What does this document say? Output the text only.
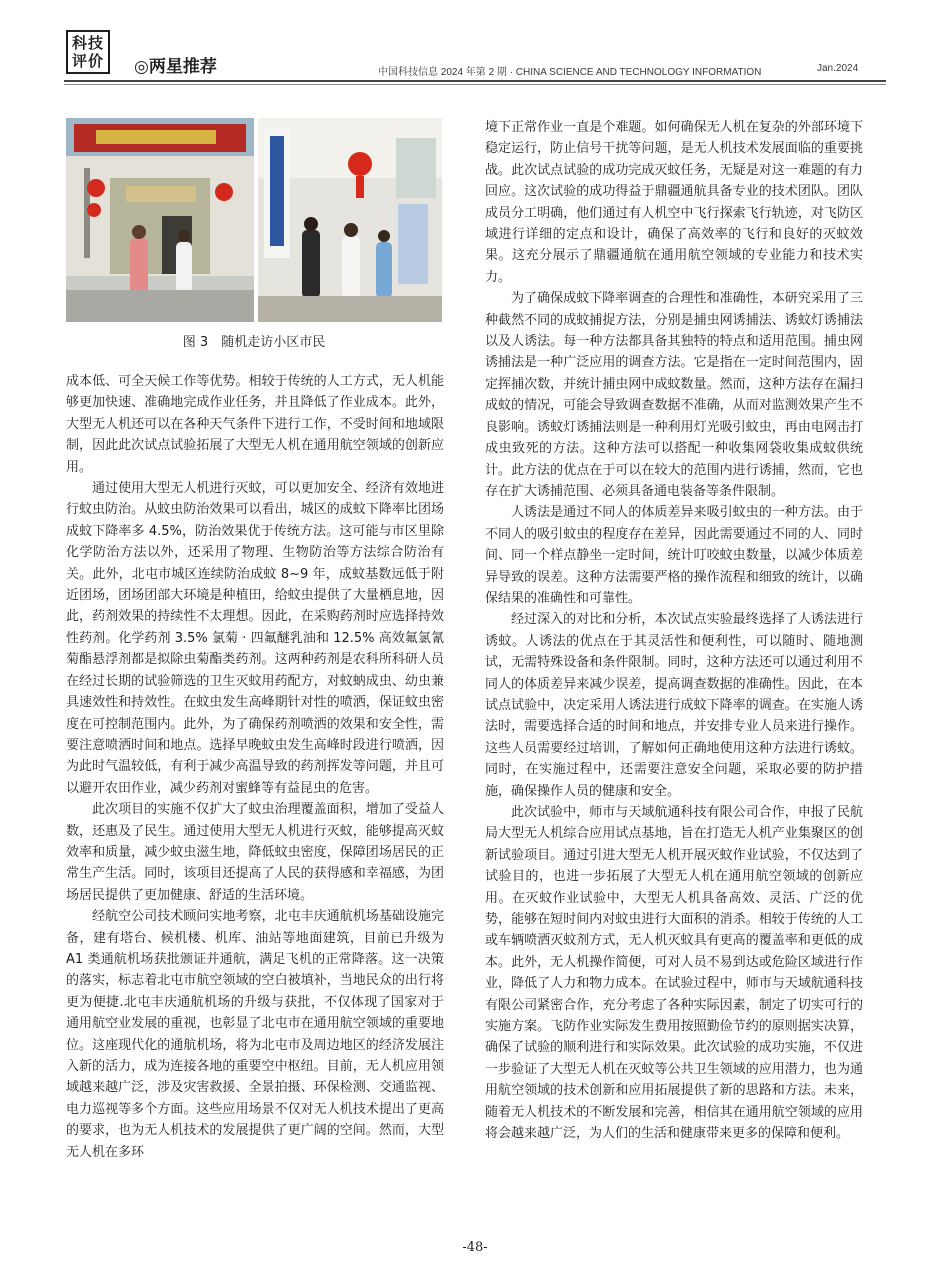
科技
评价 ◎两星推荐	中国科技信息 2024 年第 2 期 · CHINA SCIENCE AND TECHNOLOGY INFORMATION	Jan.2024
图 3　随机走访小区市民

成本低、可全天候工作等优势。相较于传统的人工方式，无人机能够更加快速、准确地完成作业任务，并且降低了作业成本。此外，大型无人机还可以在各种天气条件下进行工作，不受时间和地域限制，因此此次试点试验拓展了大型无人机在通用航空领域的创新应用。

通过使用大型无人机进行灭蚊，可以更加安全、经济有效地进行蚊虫防治。从蚊虫防治效果可以看出，城区的成蚊下降率比团场成蚊下降率多 4.5%，防治效果优于传统方法。这可能与市区里除化学防治方法以外，还采用了物理、生物防治等方法综合防治有关。此外，北屯市城区连续防治成蚊 8~9 年，成蚊基数远低于附近团场，团场团部大环境是种植田，给蚊虫提供了大量栖息地，因此，药剂效果的持续性不太理想。因此，在采购药剂时应选择持效性药剂。化学药剂 3.5% 氯菊 · 四氟醚乳油和 12.5% 高效氟氯氰菊酯悬浮剂都是拟除虫菊酯类药剂。这两种药剂是农科所科研人员在经过长期的试验筛选的卫生灭蚊用药配方，对蚊蚋成虫、幼虫兼具速效性和持效性。在蚊虫发生高峰期针对性的喷洒，保证蚊虫密度在可控制范围内。此外，为了确保药剂喷洒的效果和安全性，需要注意喷洒时间和地点。选择早晚蚊虫发生高峰时段进行喷洒，因为此时气温较低，有利于减少高温导致的药剂挥发等问题，并且可以避开农田作业，减少药剂对蜜蜂等有益昆虫的危害。

此次项目的实施不仅扩大了蚊虫治理覆盖面积，增加了受益人数，还惠及了民生。通过使用大型无人机进行灭蚊，能够提高灭蚊效率和质量，减少蚊虫滋生地，降低蚊虫密度，保障团场居民的正常生产生活。同时，该项目还提高了人民的获得感和幸福感，为团场居民提供了更加健康、舒适的生活环境。

经航空公司技术顾问实地考察，北屯丰庆通航机场基础设施完备，建有塔台、候机楼、机库、油站等地面建筑，目前已升级为 A1 类通航机场获批颁证并通航，满足飞机的正常降落。这一决策的落实，标志着北屯市航空领域的空白被填补，当地民众的出行将更为便捷.北屯丰庆通航机场的升级与获批，不仅体现了国家对于通用航空业发展的重视，也彰显了北屯市在通用航空领域的重要地位。这座现代化的通航机场，将为北屯市及周边地区的经济发展注入新的活力，成为连接各地的重要空中枢纽。目前，无人机应用领域越来越广泛，涉及灾害救援、全景拍摄、环保检测、交通监视、电力巡视等多个方面。这些应用场景不仅对无人机技术提出了更高的要求，也为无人机技术的发展提供了更广阔的空间。然而，大型无人机在多环

境下正常作业一直是个难题。如何确保无人机在复杂的外部环境下稳定运行，防止信号干扰等问题，是无人机技术发展面临的重要挑战。此次试点试验的成功完成灭蚊任务，无疑是对这一难题的有力回应。这次试验的成功得益于鼎疆通航具备专业的技术团队。团队成员分工明确，他们通过有人机空中飞行探索飞行轨迹，对飞防区域进行详细的定点和设计，确保了高效率的飞行和良好的灭蚊效果。这充分展示了鼎疆通航在通用航空领域的专业能力和技术实力。

为了确保成蚊下降率调查的合理性和准确性，本研究采用了三种截然不同的成蚊捕捉方法，分别是捕虫网诱捕法、诱蚊灯诱捕法以及人诱法。每一种方法都具备其独特的特点和适用范围。捕虫网诱捕法是一种广泛应用的调查方法。它是指在一定时间范围内，固定挥捕次数，并统计捕虫网中成蚊数量。然而，这种方法存在漏扫成蚊的情况，可能会导致调查数据不准确，从而对监测效果产生不良影响。诱蚊灯诱捕法则是一种利用灯光吸引蚊虫，再由电网击打成虫致死的方法。这种方法可以搭配一种收集网袋收集成蚊供统计。此方法的优点在于可以在较大的范围内进行诱捕，然而，它也存在扩大诱捕范围、必须具备通电装备等条件限制。

人诱法是通过不同人的体质差异来吸引蚊虫的一种方法。由于不同人的吸引蚊虫的程度存在差异，因此需要通过不同的人、同时间、同一个样点静坐一定时间，统计叮咬蚊虫数量，以减少体质差异导致的误差。这种方法需要严格的操作流程和细致的统计，以确保结果的准确性和可靠性。

经过深入的对比和分析，本次试点实验最终选择了人诱法进行诱蚊。人诱法的优点在于其灵活性和便利性，可以随时、随地测试，无需特殊设备和条件限制。同时，这种方法还可以通过利用不同人的体质差异来减少误差，提高调查数据的准确性。因此，在本试点试验中，决定采用人诱法进行成蚊下降率的调查。在实施人诱法时，需要选择合适的时间和地点，并安排专业人员来进行操作。这些人员需要经过培训，了解如何正确地使用这种方法进行诱蚊。同时，在实施过程中，还需要注意安全问题，采取必要的防护措施，确保操作人员的健康和安全。

此次试验中，师市与天域航通科技有限公司合作，申报了民航局大型无人机综合应用试点基地，旨在打造无人机产业集聚区的创新试验项目。通过引进大型无人机开展灭蚊作业试验，不仅达到了试验目的，也进一步拓展了大型无人机在通用航空领域的创新应用。在灭蚊作业试验中，大型无人机具备高效、灵活、广泛的优势，能够在短时间内对蚊虫进行大面积的消杀。相较于传统的人工或车辆喷洒灭蚊剂方式，无人机灭蚊具有更高的覆盖率和更低的成本。此外，无人机操作简便，可对人员不易到达或危险区域进行作业，降低了人力和物力成本。在试验过程中，师市与天域航通科技有限公司紧密合作，充分考虑了各种实际因素，制定了切实可行的实施方案。飞防作业实际发生费用按照勤俭节约的原则据实决算，确保了试验的顺利进行和实际效果。此次试验的成功实施，不仅进一步验证了大型无人机在灭蚊等公共卫生领域的应用潜力，也为通用航空领域的技术创新和应用拓展提供了新的思路和方法。未来，随着无人机技术的不断发展和完善，相信其在通用航空领域的应用将会越来越广泛，为人们的生活和健康带来更多的保障和便利。

-48-
